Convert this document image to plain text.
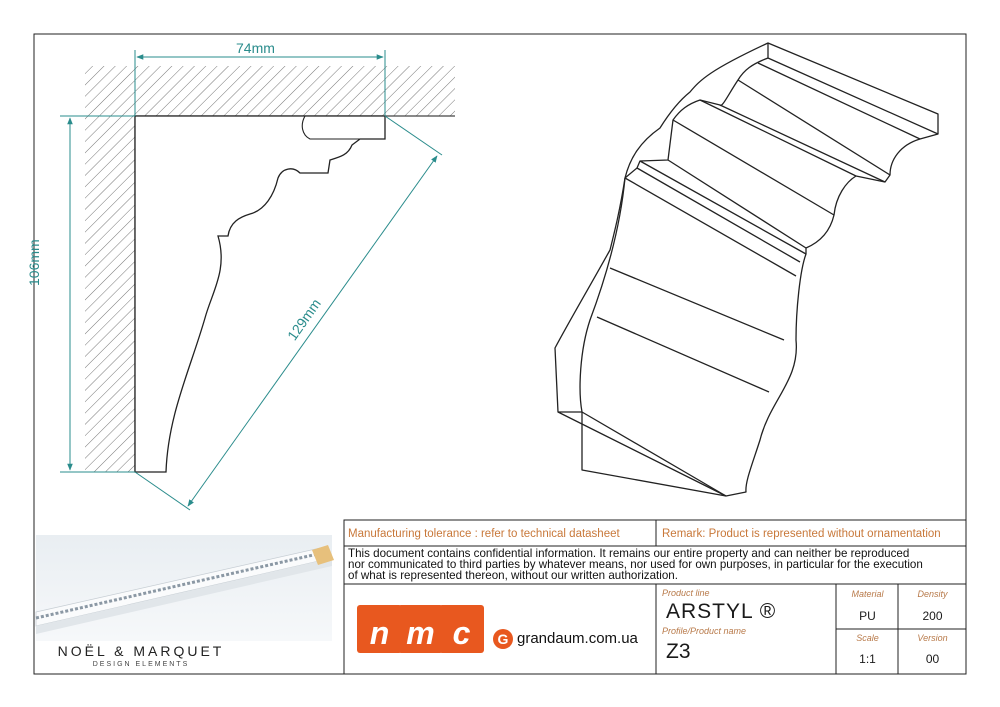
74mm
106mm
129mm
Manufacturing tolerance : refer to technical datasheet	Remark: Product is represented without ornamentation
This document contains confidential information. It remains our entire property and can neither be reproduced
nor communicated to third parties by whatever means, nor used for own purposes, in particular for the execution
of what is represented thereon, without our written authorization.
n m c	G grandaum.com.ua
NOËL & MARQUET
DESIGN ELEMENTS
Product line
ARSTYL ®
Profile/Product name
Z3
Material
PU
Density
200
Scale
1:1
Version
00
